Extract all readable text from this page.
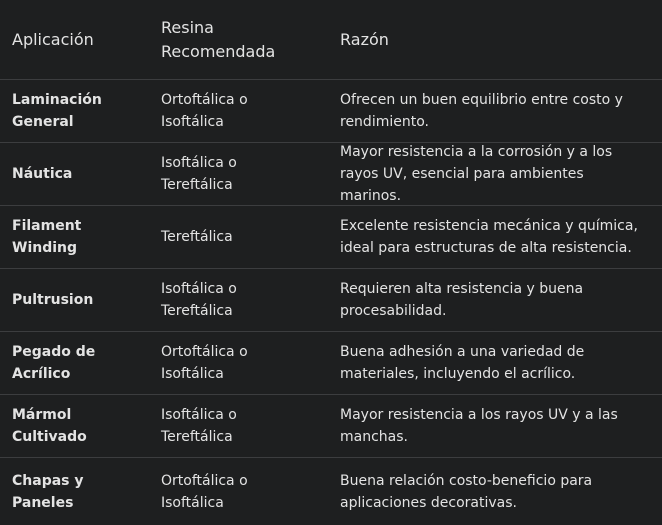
Aplicación
Resina Recomendada
Razón
Laminación General
Ortoftálica o Isoftálica
Ofrecen un buen equilibrio entre costo y rendimiento.
Náutica
Isoftálica o Tereftálica
Mayor resistencia a la corrosión y a los rayos UV, esencial para ambientes marinos.
Filament Winding
Tereftálica
Excelente resistencia mecánica y química, ideal para estructuras de alta resistencia.
Pultrusion
Isoftálica o Tereftálica
Requieren alta resistencia y buena procesabilidad.
Pegado de Acrílico
Ortoftálica o Isoftálica
Buena adhesión a una variedad de materiales, incluyendo el acrílico.
Mármol Cultivado
Isoftálica o Tereftálica
Mayor resistencia a los rayos UV y a las manchas.
Chapas y Paneles
Ortoftálica o Isoftálica
Buena relación costo-beneficio para aplicaciones decorativas.
